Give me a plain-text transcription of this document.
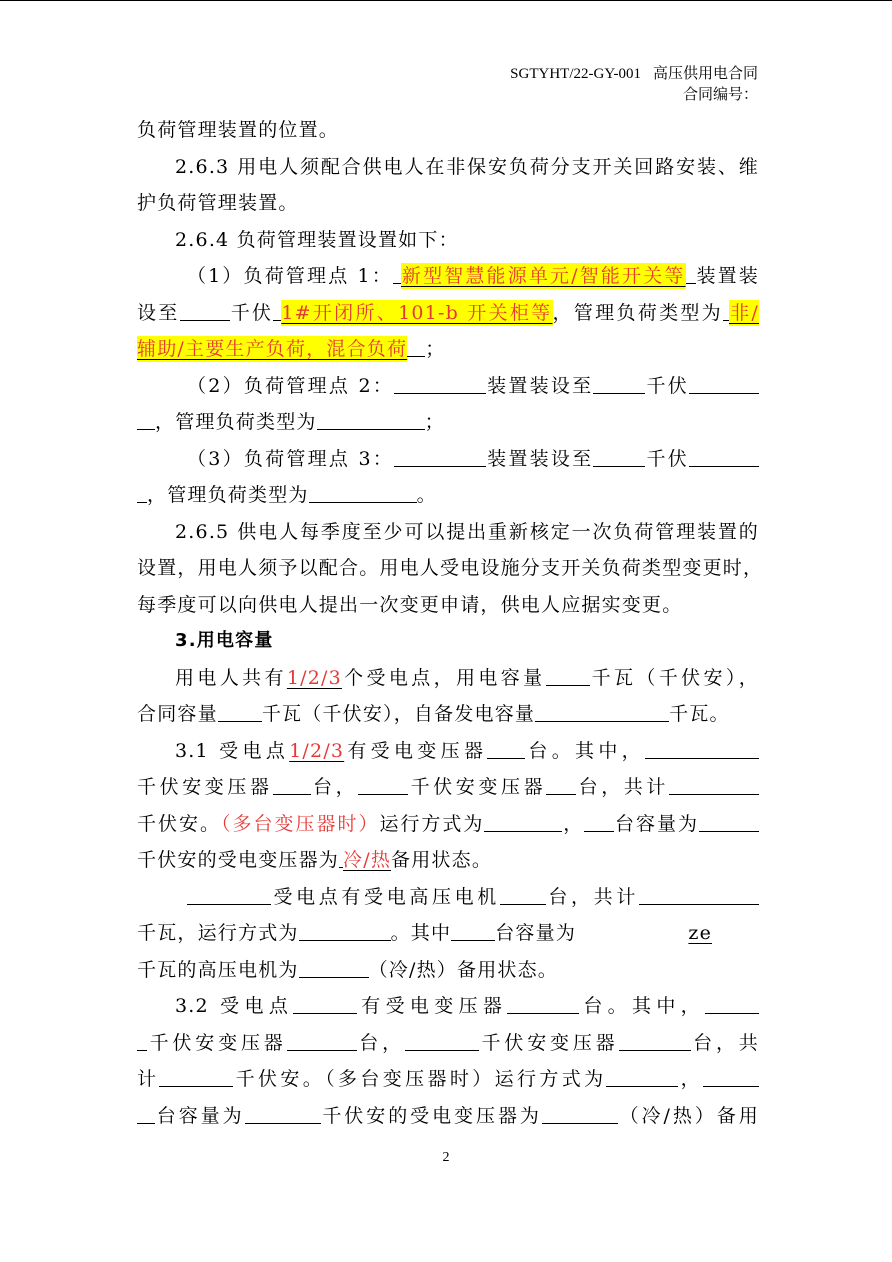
SGTYHT/22-GY-001 高压供用电合同
合同编号：
负荷管理装置的位置。
2.6.3 用电人须配合供电人在非保安负荷分支开关回路安装、维
护负荷管理装置。
2.6.4 负荷管理装置设置如下：
（1）负荷管理点 1： 新型智慧能源单元/智能开关等 装置装
设至	千伏 1#开闭所、101-b 开关柜等，管理负荷类型为 非/
辅助/主要生产负荷，混合负荷 ；
（2）负荷管理点 2：	装置装设至	千伏
，管理负荷类型为	；
（3）负荷管理点 3：	装置装设至	千伏
，管理负荷类型为	。
2.6.5 供电人每季度至少可以提出重新核定一次负荷管理装置的
设置，用电人须予以配合。用电人受电设施分支开关负荷类型变更时，
每季度可以向供电人提出一次变更申请，供电人应据实变更。
3.用电容量
用电人共有1/2/3个受电点，用电容量 千瓦（千伏安），
合同容量 千瓦（千伏安），自备发电容量	千瓦。
3.1 受电点1/2/3有受电变压器 台。其中，
千伏安变压器 台，	千伏安变压器 台，共计
千伏安。（多台变压器时）运行方式为	， 台容量为
千伏安的受电变压器为 冷/热备用状态。
受电点有受电高压电机 台，共计
千瓦，运行方式为	。其中 台容量为	ze
千瓦的高压电机为	（冷/热）备用状态。
3.2 受电点	有受电变压器	台。其中，
千伏安变压器	台，	千伏安变压器	台，共
计	千伏安。（多台变压器时）运行方式为	，
台容量为	千伏安的受电变压器为	（冷/热）备用
2
